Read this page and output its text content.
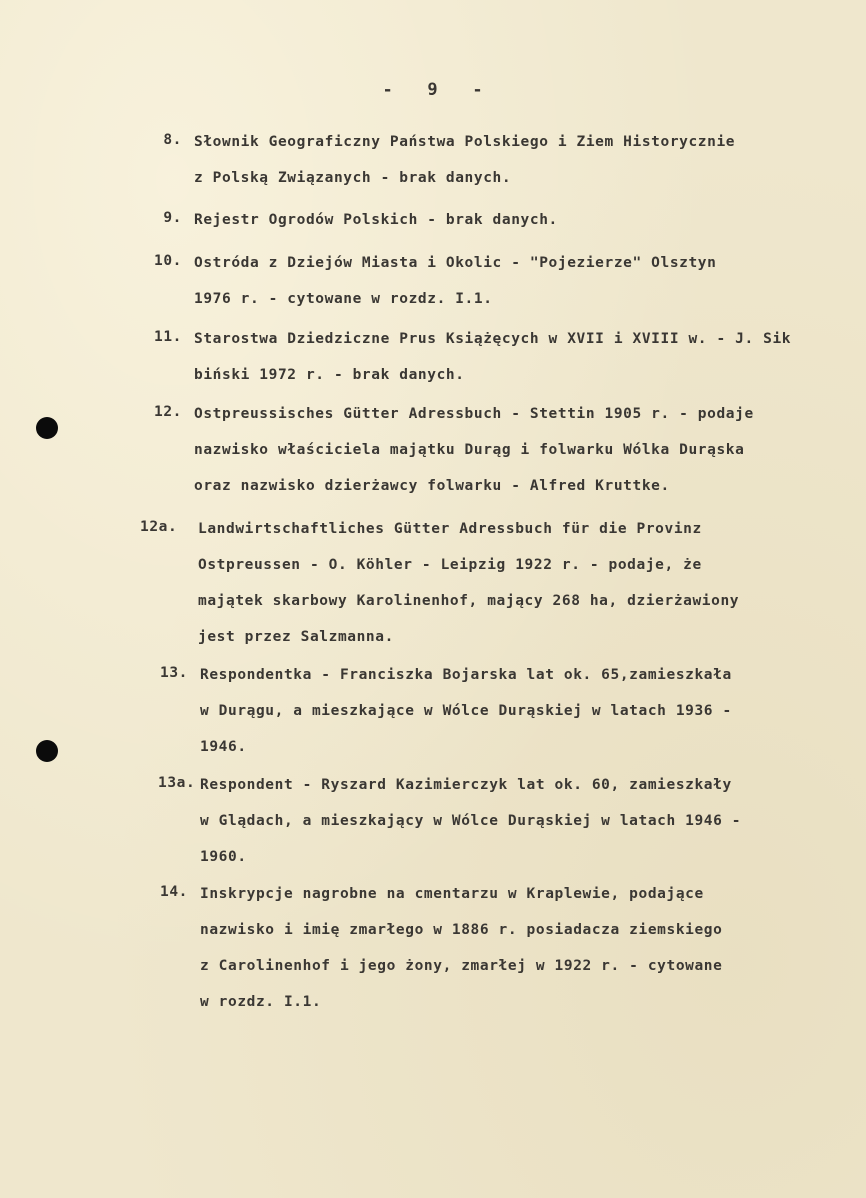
-   9   -
8. Słownik Geograficzny Państwa Polskiego i Ziem Historycznie
z Polską Związanych - brak danych.
9. Rejestr Ogrodów Polskich - brak danych.
10. Ostróda z Dziejów Miasta i Okolic - "Pojezierze" Olsztyn
1976 r. - cytowane w rozdz. I.1.
11. Starostwa Dziedziczne Prus Książęcych w XVII i XVIII w. - J. Sik
biński 1972 r. - brak danych.
12. Ostpreussisches Gütter Adressbuch - Stettin 1905 r. - podaje
nazwisko właściciela majątku Durąg i folwarku Wólka Durąska
oraz nazwisko dzierżawcy folwarku - Alfred Kruttke.
12a.	Landwirtschaftliches Gütter Adressbuch für die Provinz
Ostpreussen - O. Köhler - Leipzig 1922 r. - podaje, że
majątek skarbowy Karolinenhof, mający 268 ha, dzierżawiony
jest przez Salzmanna.
13. Respondentka - Franciszka Bojarska lat ok. 65,zamieszkała
w Durągu, a mieszkające w Wólce Durąskiej w latach 1936 -
1946.
13a. Respondent - Ryszard Kazimierczyk lat ok. 60, zamieszkały
w Glądach, a mieszkający w Wólce Durąskiej w latach 1946 -
1960.
14. Inskrypcje nagrobne na cmentarzu w Kraplewie, podające
nazwisko i imię zmarłego w 1886 r. posiadacza ziemskiego
z Carolinenhof i jego żony, zmarłej w 1922 r. - cytowane
w rozdz. I.1.
